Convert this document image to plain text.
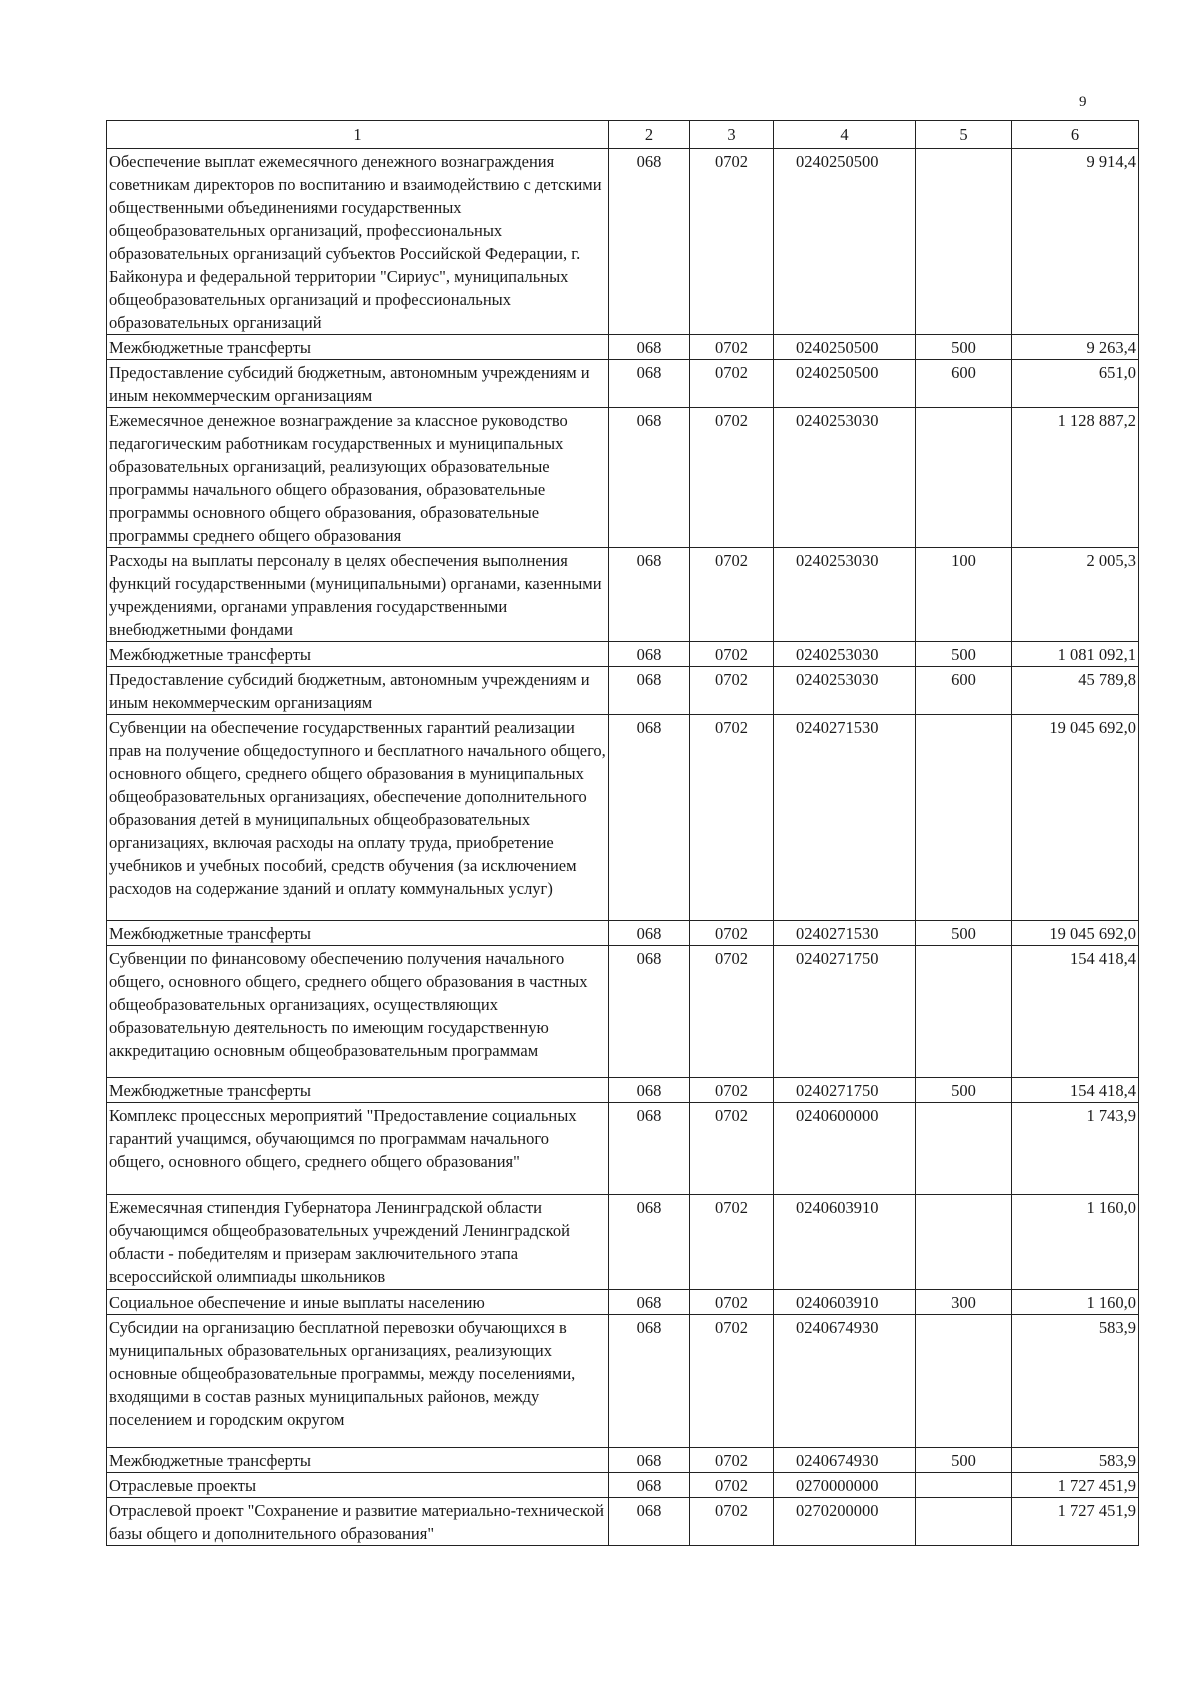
9
1	2	3	4	5	6
Обеспечение выплат ежемесячного денежного вознаграждения советникам директоров по воспитанию и взаимодействию с детскими общественными объединениями государственных общеобразовательных организаций, профессиональных образовательных организаций субъектов Российской Федерации, г. Байконура и федеральной территории "Сириус", муниципальных общеобразовательных организаций и профессиональных образовательных организаций	068	0702	0240250500		9 914,4
Межбюджетные трансферты	068	0702	0240250500	500	9 263,4
Предоставление субсидий бюджетным, автономным учреждениям и иным некоммерческим организациям	068	0702	0240250500	600	651,0
Ежемесячное денежное вознаграждение за классное руководство педагогическим работникам государственных и муниципальных образовательных организаций, реализующих образовательные программы начального общего образования, образовательные программы основного общего образования, образовательные программы среднего общего образования	068	0702	0240253030		1 128 887,2
Расходы на выплаты персоналу в целях обеспечения выполнения функций государственными (муниципальными) органами, казенными учреждениями, органами управления государственными внебюджетными фондами	068	0702	0240253030	100	2 005,3
Межбюджетные трансферты	068	0702	0240253030	500	1 081 092,1
Предоставление субсидий бюджетным, автономным учреждениям и иным некоммерческим организациям	068	0702	0240253030	600	45 789,8
Субвенции на обеспечение государственных гарантий реализации прав на получение общедоступного и бесплатного начального общего, основного общего, среднего общего образования в муниципальных общеобразовательных организациях, обеспечение дополнительного образования детей в муниципальных общеобразовательных организациях, включая расходы на оплату труда, приобретение учебников и учебных пособий, средств обучения (за исключением расходов на содержание зданий и оплату коммунальных услуг)	068	0702	0240271530		19 045 692,0
Межбюджетные трансферты	068	0702	0240271530	500	19 045 692,0
Субвенции по финансовому обеспечению получения начального общего, основного общего, среднего общего образования в частных общеобразовательных организациях, осуществляющих образовательную деятельность по имеющим государственную аккредитацию основным общеобразовательным программам	068	0702	0240271750		154 418,4
Межбюджетные трансферты	068	0702	0240271750	500	154 418,4
Комплекс процессных мероприятий "Предоставление социальных гарантий учащимся, обучающимся по программам начального общего, основного общего, среднего общего образования"	068	0702	0240600000		1 743,9
Ежемесячная стипендия Губернатора Ленинградской области обучающимся общеобразовательных учреждений Ленинградской области - победителям и призерам заключительного этапа всероссийской олимпиады школьников	068	0702	0240603910		1 160,0
Социальное обеспечение и иные выплаты населению	068	0702	0240603910	300	1 160,0
Субсидии на организацию бесплатной перевозки обучающихся в муниципальных образовательных организациях, реализующих основные общеобразовательные программы, между поселениями, входящими в состав разных муниципальных районов, между поселением и городским округом	068	0702	0240674930		583,9
Межбюджетные трансферты	068	0702	0240674930	500	583,9
Отраслевые проекты	068	0702	0270000000		1 727 451,9
Отраслевой проект "Сохранение и развитие материально-технической базы общего и дополнительного образования"	068	0702	0270200000		1 727 451,9
